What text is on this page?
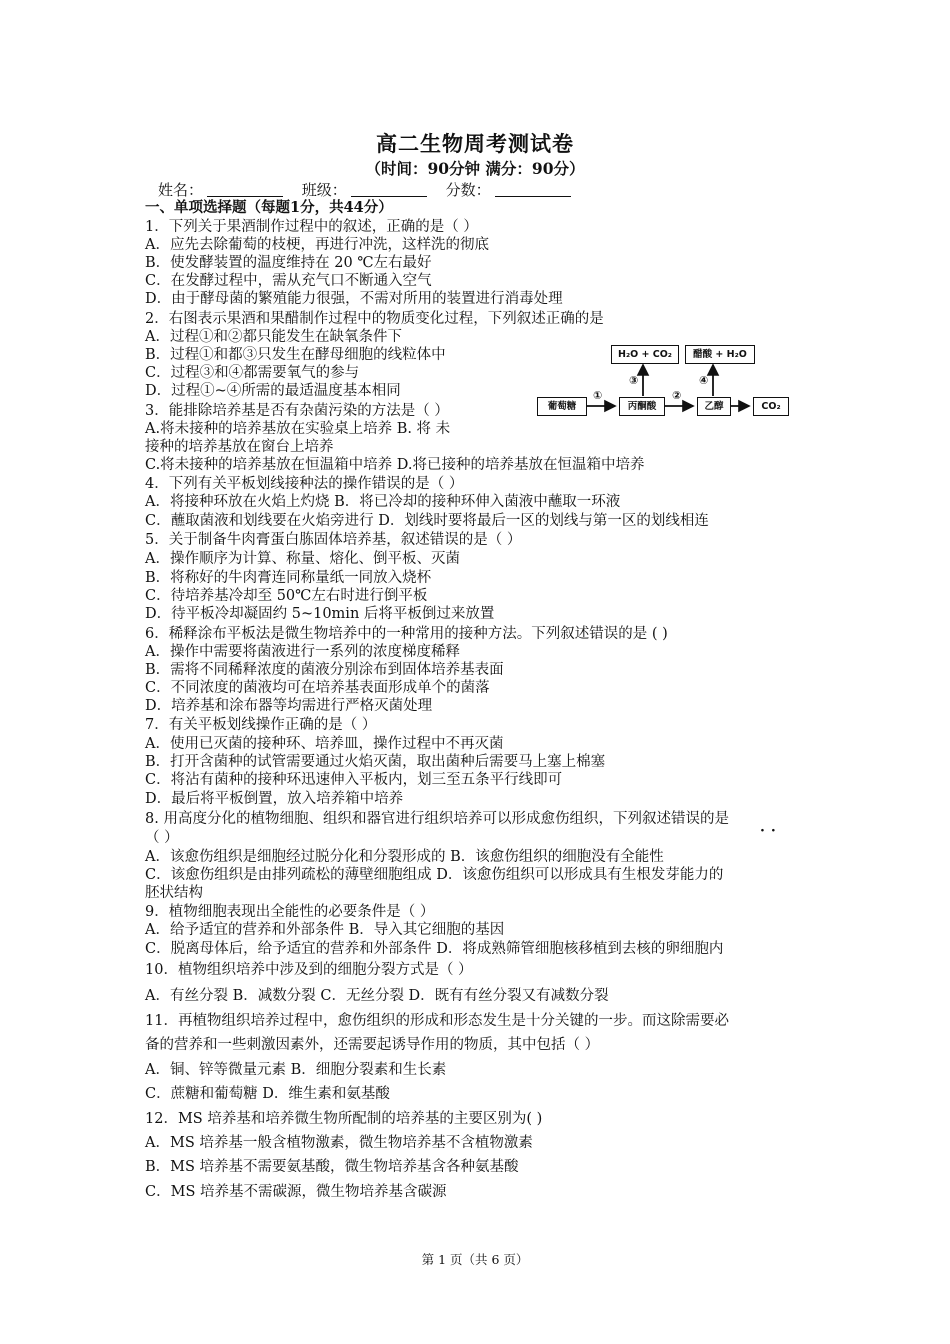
高二生物周考测试卷
（时间：90分钟 满分：90分）
姓名：	班级：	分数：
一、单项选择题（每题1分，共44分）
1．下列关于果酒制作过程中的叙述，正确的是（ ）
A．应先去除葡萄的枝梗，再进行冲洗，这样洗的彻底
B．使发酵装置的温度维持在 20 ℃左右最好
C．在发酵过程中，需从充气口不断通入空气
D．由于酵母菌的繁殖能力很强，不需对所用的装置进行消毒处理
2．右图表示果酒和果醋制作过程中的物质变化过程，下列叙述正确的是
A．过程①和②都只能发生在缺氧条件下
B．过程①和都③只发生在酵母细胞的线粒体中
C．过程③和④都需要氧气的参与
D．过程①~④所需的最适温度基本相同
3．能排除培养基是否有杂菌污染的方法是（ ）
A.将未接种的培养基放在实验桌上培养 B. 将 未
接种的培养基放在窗台上培养
C.将未接种的培养基放在恒温箱中培养 D.将已接种的培养基放在恒温箱中培养
4．下列有关平板划线接种法的操作错误的是（ ）
A．将接种环放在火焰上灼烧 B．将已冷却的接种环伸入菌液中蘸取一环液
C．蘸取菌液和划线要在火焰旁进行 D．划线时要将最后一区的划线与第一区的划线相连
5．关于制备牛肉膏蛋白胨固体培养基，叙述错误的是（ ）
A．操作顺序为计算、称量、熔化、倒平板、灭菌
B．将称好的牛肉膏连同称量纸一同放入烧杯
C．待培养基冷却至 50℃左右时进行倒平板
D．待平板冷却凝固约 5~10min 后将平板倒过来放置
6．稀释涂布平板法是微生物培养中的一种常用的接种方法。下列叙述错误的是 ( )
A．操作中需要将菌液进行一系列的浓度梯度稀释
B．需将不同稀释浓度的菌液分别涂布到固体培养基表面
C．不同浓度的菌液均可在培养基表面形成单个的菌落
D．培养基和涂布器等均需进行严格灭菌处理
7．有关平板划线操作正确的是（ ）
A．使用已灭菌的接种环、培养皿，操作过程中不再灭菌
B．打开含菌种的试管需要通过火焰灭菌，取出菌种后需要马上塞上棉塞
C．将沾有菌种的接种环迅速伸入平板内，划三至五条平行线即可
D．最后将平板倒置，放入培养箱中培养
8. 用高度分化的植物细胞、组织和器官进行组织培养可以形成愈伤组织，下列叙述错误的是
（ ）
A．该愈伤组织是细胞经过脱分化和分裂形成的 B．该愈伤组织的细胞没有全能性
C．该愈伤组织是由排列疏松的薄壁细胞组成 D．该愈伤组织可以形成具有生根发芽能力的
胚状结构
9．植物细胞表现出全能性的必要条件是（ ）
A．给予适宜的营养和外部条件 B．导入其它细胞的基因
C．脱离母体后，给予适宜的营养和外部条件 D．将成熟筛管细胞核移植到去核的卵细胞内
10．植物组织培养中涉及到的细胞分裂方式是（ ）
A．有丝分裂 B．减数分裂 C．无丝分裂 D．既有有丝分裂又有减数分裂
11．再植物组织培养过程中，愈伤组织的形成和形态发生是十分关键的一步。而这除需要必
备的营养和一些刺激因素外，还需要起诱导作用的物质，其中包括（ ）
A．铜、锌等微量元素 B．细胞分裂素和生长素
C．蔗糖和葡萄糖 D．维生素和氨基酸
12．MS 培养基和培养微生物所配制的培养基的主要区别为( )
A．MS 培养基一般含植物激素，微生物培养基不含植物激素
B．MS 培养基不需要氨基酸，微生物培养基含各种氨基酸
C．MS 培养基不需碳源，微生物培养基含碳源
··
葡萄糖	丙酮酸	乙醇	CO₂
H₂O + CO₂	醋酸 + H₂O
①	②
③	④
第 1 页（共 6 页）
